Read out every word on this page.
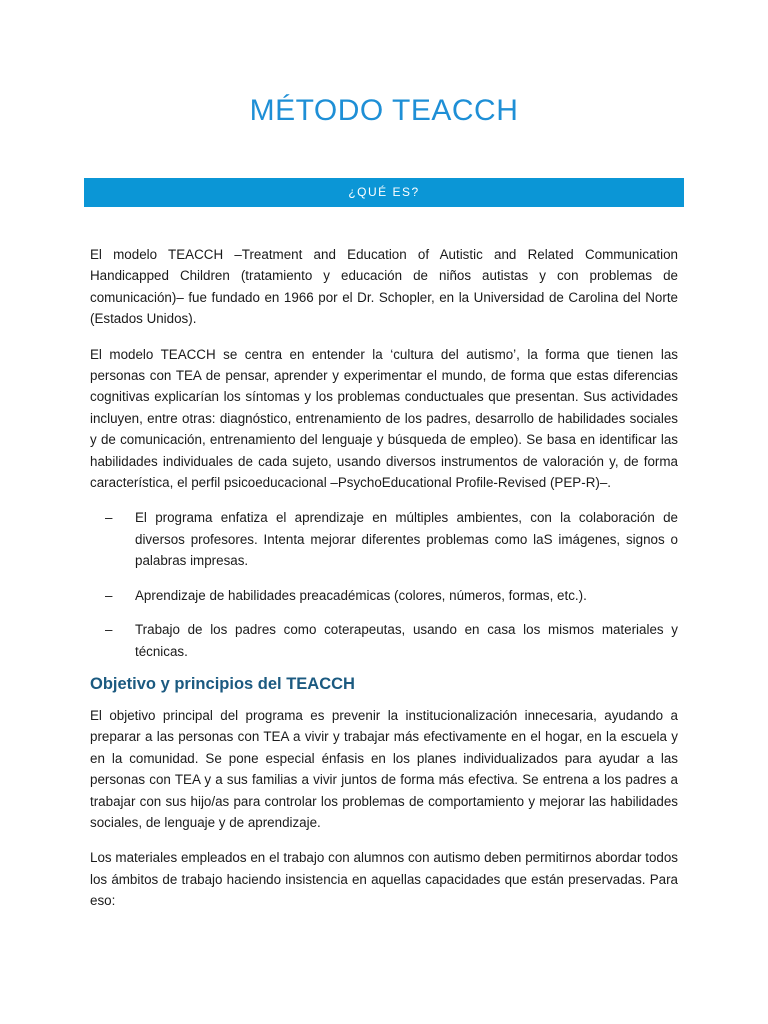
MÉTODO TEACCH
¿QUÉ ES?

El modelo TEACCH –Treatment and Education of Autistic and Related Communication Handicapped Children (tratamiento y educación de niños autistas y con problemas de comunicación)– fue fundado en 1966 por el Dr. Schopler, en la Universidad de Carolina del Norte (Estados Unidos).

El modelo TEACCH se centra en entender la ‘cultura del autismo’, la forma que tienen las personas con TEA de pensar, aprender y experimentar el mundo, de forma que estas diferencias cognitivas explicarían los síntomas y los problemas conductuales que presentan. Sus actividades incluyen, entre otras: diagnóstico, entrenamiento de los padres, desarrollo de habilidades sociales y de comunicación, entrenamiento del lenguaje y búsqueda de empleo). Se basa en identificar las habilidades individuales de cada sujeto, usando diversos instrumentos de valoración y, de forma característica, el perfil psicoeducacional –PsychoEducational Profile-Revised (PEP-R)–.

–	El programa enfatiza el aprendizaje en múltiples ambientes, con la colaboración de diversos profesores. Intenta mejorar diferentes problemas como laS imágenes, signos o palabras impresas.
–	Aprendizaje de habilidades preacadémicas (colores, números, formas, etc.).
–	Trabajo de los padres como coterapeutas, usando en casa los mismos materiales y técnicas.
Objetivo y principios del TEACCH

El objetivo principal del programa es prevenir la institucionalización innecesaria, ayudando a preparar a las personas con TEA a vivir y trabajar más efectivamente en el hogar, en la escuela y en la comunidad. Se pone especial énfasis en los planes individualizados para ayudar a las personas con TEA y a sus familias a vivir juntos de forma más efectiva. Se entrena a los padres a trabajar con sus hijo/as para controlar los problemas de comportamiento y mejorar las habilidades sociales, de lenguaje y de aprendizaje.

Los materiales empleados en el trabajo con alumnos con autismo deben permitirnos abordar todos los ámbitos de trabajo haciendo insistencia en aquellas capacidades que están preservadas. Para eso:
